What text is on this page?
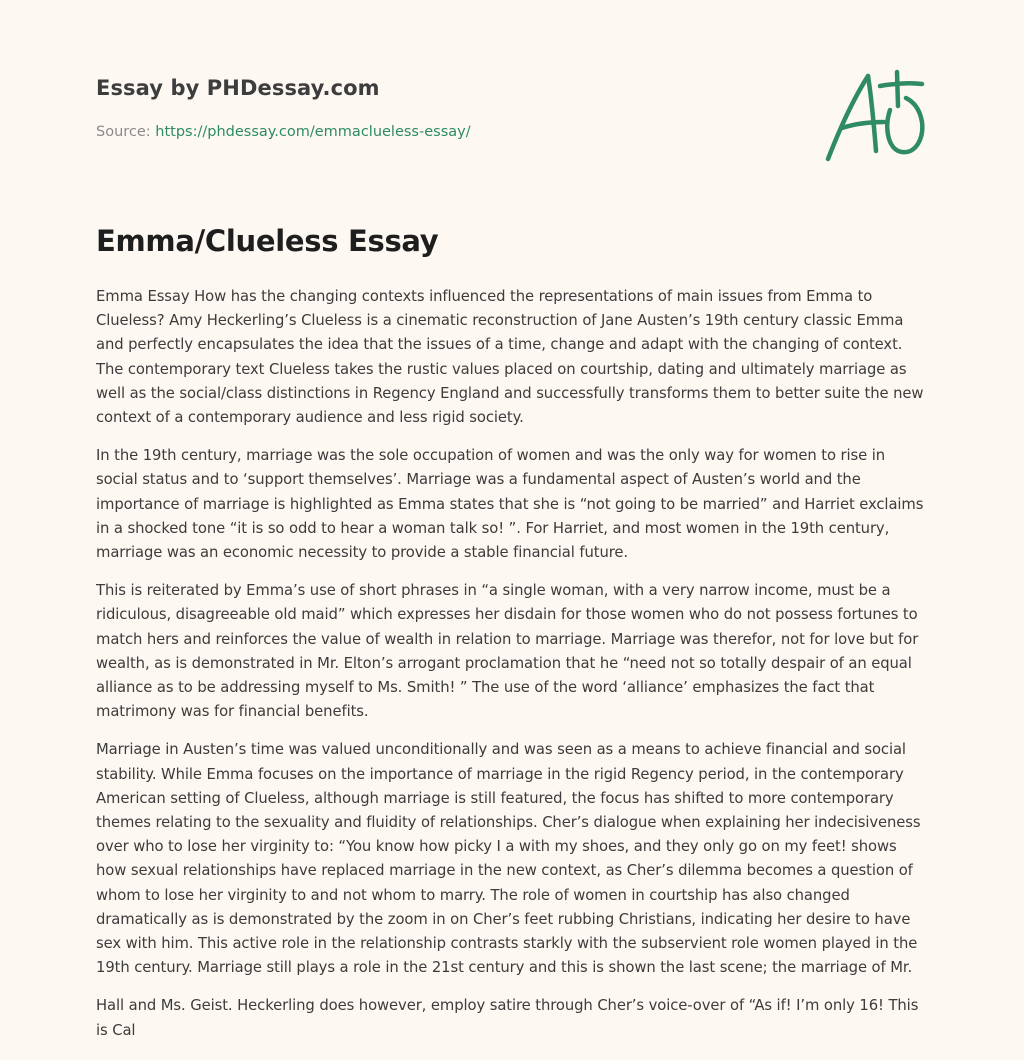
Essay by PHDessay.com
Source: https://phdessay.com/emmaclueless-essay/
Emma/Clueless Essay

Emma Essay How has the changing contexts influenced the representations of main issues from Emma to Clueless? Amy Heckerling’s Clueless is a cinematic reconstruction of Jane Austen’s 19th century classic Emma and perfectly encapsulates the idea that the issues of a time, change and adapt with the changing of context. The contemporary text Clueless takes the rustic values placed on courtship, dating and ultimately marriage as well as the social/class distinctions in Regency England and successfully transforms them to better suite the new context of a contemporary audience and less rigid society.

In the 19th century, marriage was the sole occupation of women and was the only way for women to rise in social status and to ‘support themselves’. Marriage was a fundamental aspect of Austen’s world and the importance of marriage is highlighted as Emma states that she is “not going to be married” and Harriet exclaims in a shocked tone “it is so odd to hear a woman talk so! ”. For Harriet, and most women in the 19th century, marriage was an economic necessity to provide a stable financial future.

This is reiterated by Emma’s use of short phrases in “a single woman, with a very narrow income, must be a ridiculous, disagreeable old maid” which expresses her disdain for those women who do not possess fortunes to match hers and reinforces the value of wealth in relation to marriage. Marriage was therefor, not for love but for wealth, as is demonstrated in Mr. Elton’s arrogant proclamation that he “need not so totally despair of an equal alliance as to be addressing myself to Ms. Smith! ” The use of the word ‘alliance’ emphasizes the fact that matrimony was for financial benefits.

Marriage in Austen’s time was valued unconditionally and was seen as a means to achieve financial and social stability. While Emma focuses on the importance of marriage in the rigid Regency period, in the contemporary American setting of Clueless, although marriage is still featured, the focus has shifted to more contemporary themes relating to the sexuality and fluidity of relationships. Cher’s dialogue when explaining her indecisiveness over who to lose her virginity to: “You know how picky I a with my shoes, and they only go on my feet! shows how sexual relationships have replaced marriage in the new context, as Cher’s dilemma becomes a question of whom to lose her virginity to and not whom to marry. The role of women in courtship has also changed dramatically as is demonstrated by the zoom in on Cher’s feet rubbing Christians, indicating her desire to have sex with him. This active role in the relationship contrasts starkly with the subservient role women played in the 19th century. Marriage still plays a role in the 21st century and this is shown the last scene; the marriage of Mr.

Hall and Ms. Geist. Heckerling does however, employ satire through Cher’s voice-over of “As if! I’m only 16! This is Cal
